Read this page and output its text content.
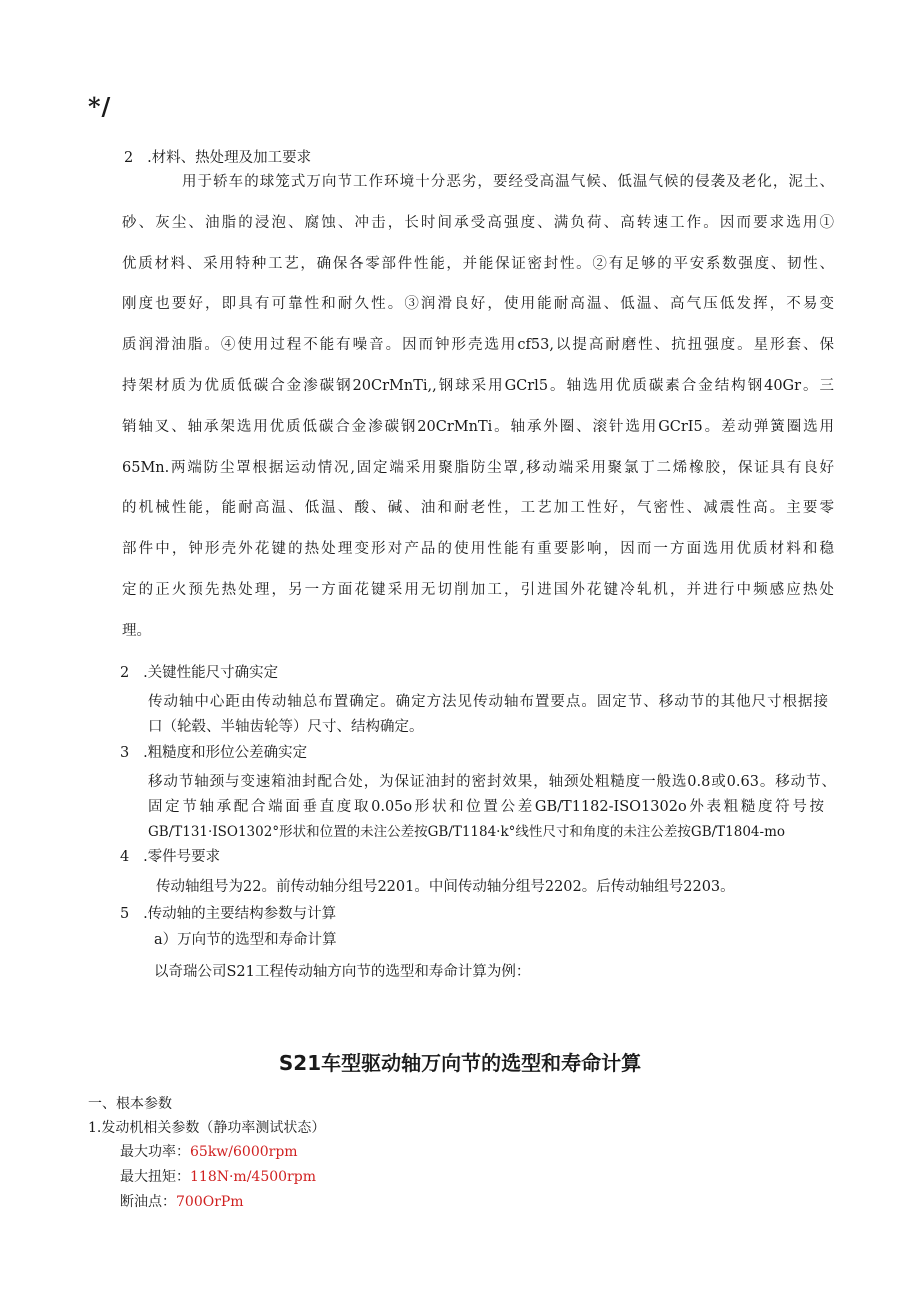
*/
2 .材料、热处理及加工要求
用于轿车的球笼式万向节工作环境十分恶劣，要经受高温气候、低温气候的侵袭及老化，泥土、
砂、灰尘、油脂的浸泡、腐蚀、冲击，长时间承受高强度、满负荷、高转速工作。因而要求选用①
优质材料、采用特种工艺，确保各零部件性能，并能保证密封性。②有足够的平安系数强度、韧性、
刚度也要好，即具有可靠性和耐久性。③润滑良好，使用能耐高温、低温、高气压低发挥，不易变
质润滑油脂。④使用过程不能有噪音。因而钟形壳选用cf53,以提高耐磨性、抗扭强度。星形套、保
持架材质为优质低碳合金渗碳钢20CrMnTi,,钢球采用GCrl5。轴选用优质碳素合金结构钢40Gr。三
销轴叉、轴承架选用优质低碳合金渗碳钢20CrMnTi。轴承外圈、滚针选用GCrI5。差动弹簧圈选用
65Mn.两端防尘罩根据运动情况,固定端采用聚脂防尘罩,移动端采用聚氯丁二烯橡胶，保证具有良好
的机械性能，能耐高温、低温、酸、碱、油和耐老性，工艺加工性好，气密性、减震性高。主要零
部件中，钟形壳外花键的热处理变形对产品的使用性能有重要影响，因而一方面选用优质材料和稳
定的正火预先热处理，另一方面花键采用无切削加工，引进国外花键冷轧机，并进行中频感应热处
理。
2 .关键性能尺寸确实定
传动轴中心距由传动轴总布置确定。确定方法见传动轴布置要点。固定节、移动节的其他尺寸根据接
口（轮毂、半轴齿轮等）尺寸、结构确定。
3 .粗糙度和形位公差确实定
移动节轴颈与变速箱油封配合处，为保证油封的密封效果，轴颈处粗糙度一般选0.8或0.63。移动节、
固定节轴承配合端面垂直度取0.05o形状和位置公差GB/T1182-ISO1302o外表粗糙度符号按
GB/T131·ISO1302°形状和位置的未注公差按GB/T1184·k°线性尺寸和角度的未注公差按GB/T1804-mo
4 .零件号要求
传动轴组号为22。前传动轴分组号2201。中间传动轴分组号2202。后传动轴组号2203。
5 .传动轴的主要结构参数与计算
a）万向节的选型和寿命计算
以奇瑞公司S21工程传动轴方向节的选型和寿命计算为例：
S21车型驱动轴万向节的选型和寿命计算
一、根本参数
1.发动机相关参数（静功率测试状态）
最大功率：65kw/6000rpm
最大扭矩：118N·m/4500rpm
断油点：700OrPm
